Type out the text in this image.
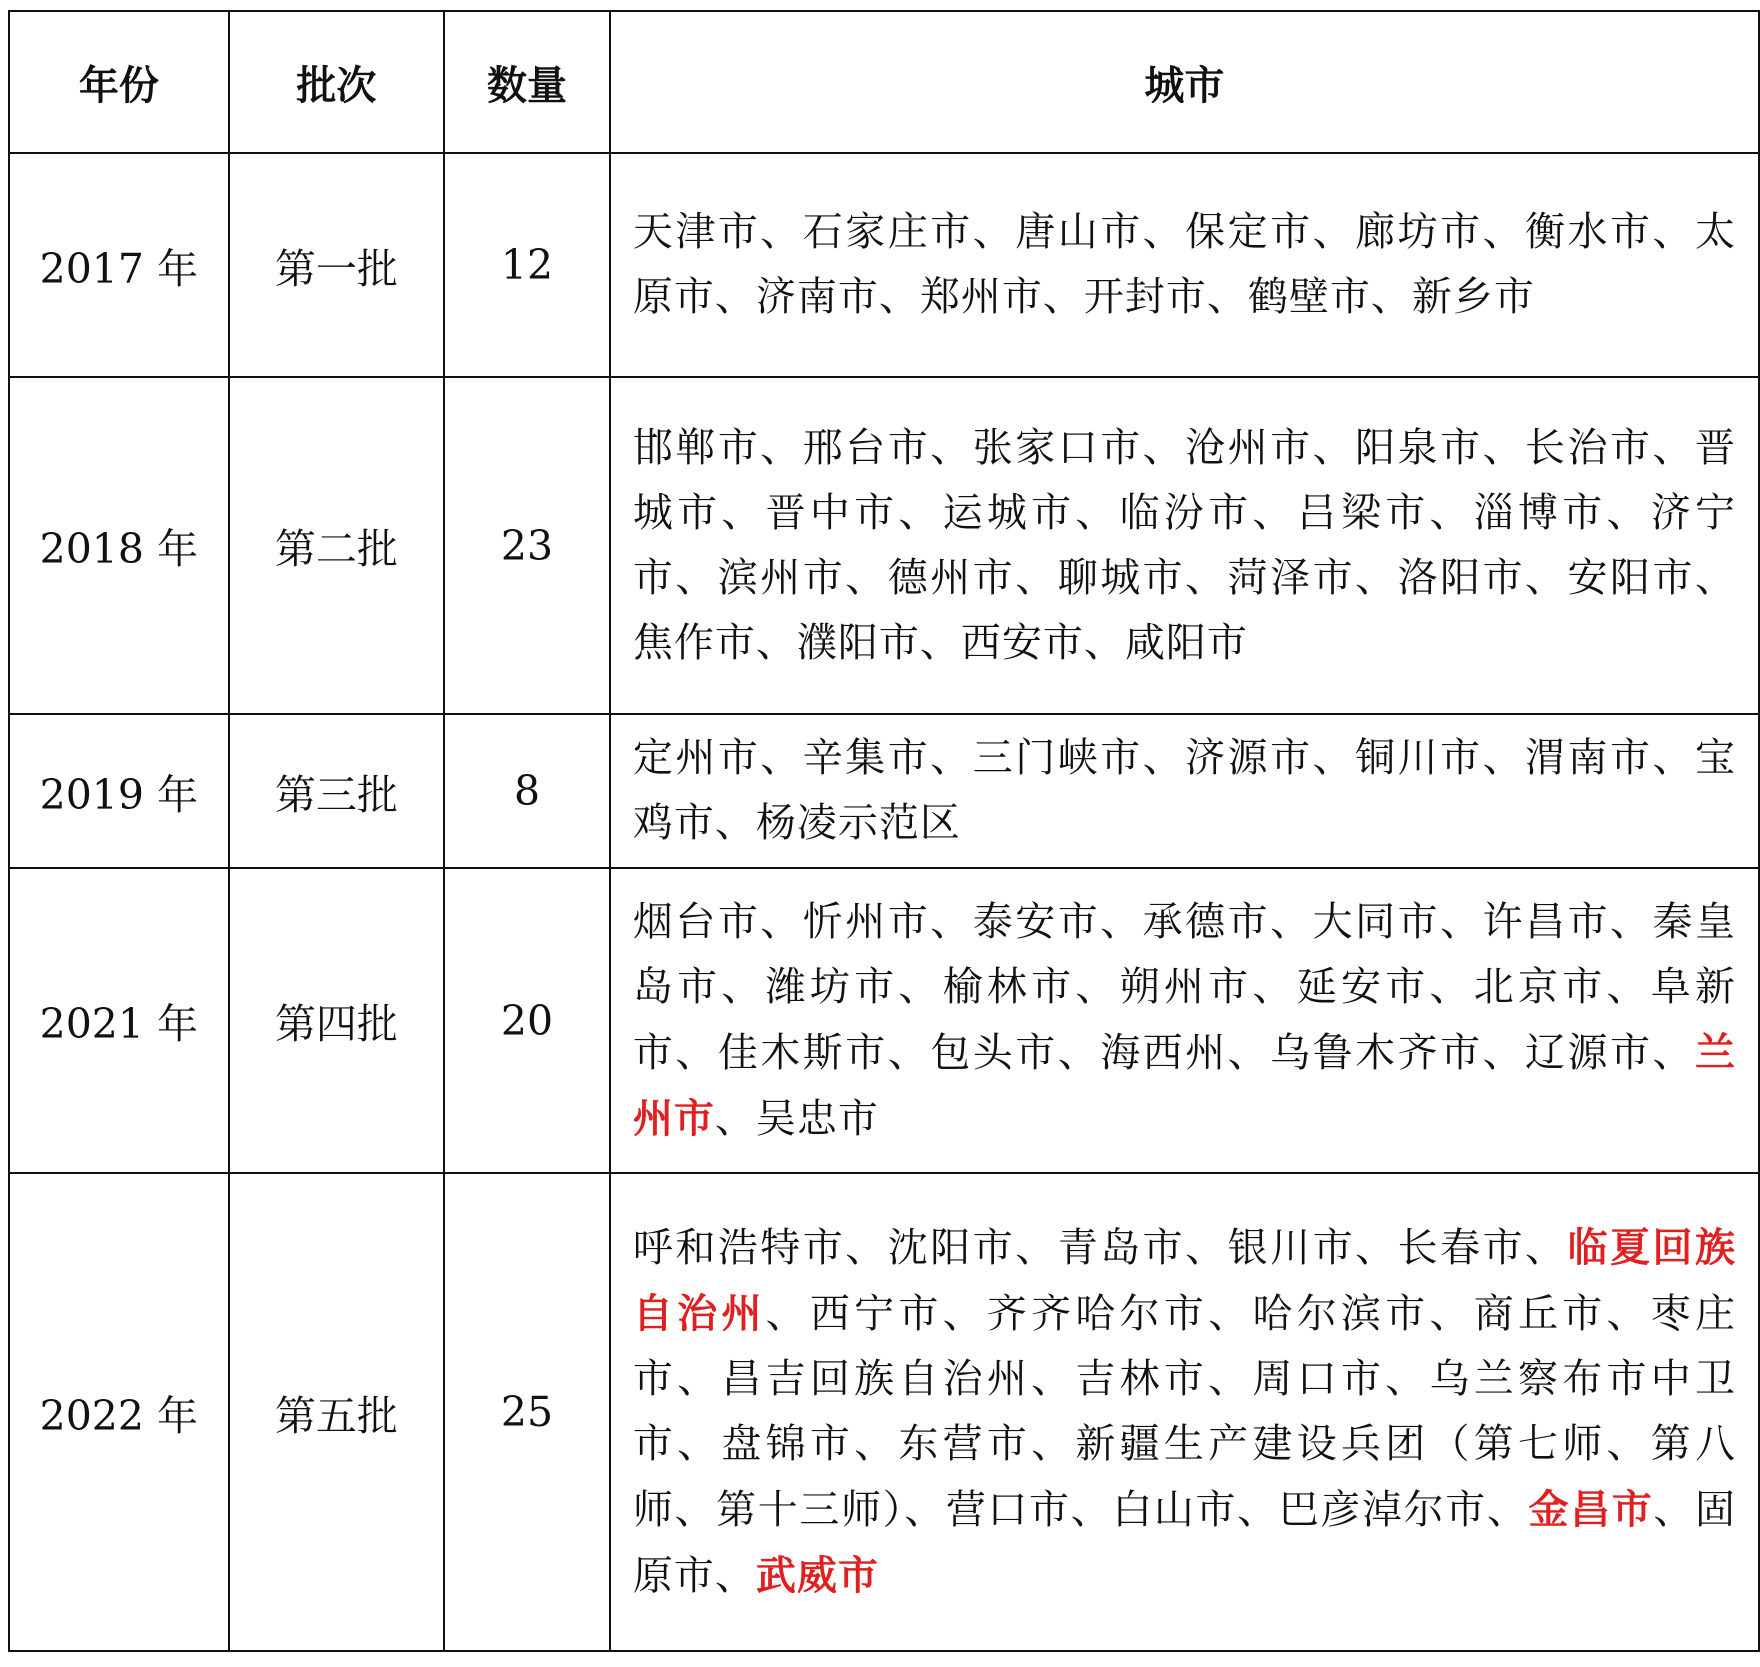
年份	批次	数量	城市
2017 年	第一批	12	天津市、石家庄市、唐山市、保定市、廊坊市、衡水市、太原市、济南市、郑州市、开封市、鹤壁市、新乡市
2018 年	第二批	23	邯郸市、邢台市、张家口市、沧州市、阳泉市、长治市、晋城市、晋中市、运城市、临汾市、吕梁市、淄博市、济宁市、滨州市、德州市、聊城市、菏泽市、洛阳市、安阳市、焦作市、濮阳市、西安市、咸阳市
2019 年	第三批	8	定州市、辛集市、三门峡市、济源市、铜川市、渭南市、宝鸡市、杨凌示范区
2021 年	第四批	20	烟台市、忻州市、泰安市、承德市、大同市、许昌市、秦皇岛市、潍坊市、榆林市、朔州市、延安市、北京市、阜新市、佳木斯市、包头市、海西州、乌鲁木齐市、辽源市、兰州市、吴忠市
2022 年	第五批	25	呼和浩特市、沈阳市、青岛市、银川市、长春市、临夏回族自治州、西宁市、齐齐哈尔市、哈尔滨市、商丘市、枣庄市、昌吉回族自治州、吉林市、周口市、乌兰察布市中卫市、盘锦市、东营市、新疆生产建设兵团（第七师、第八师、第十三师）、营口市、白山市、巴彦淖尔市、金昌市、固原市、武威市
